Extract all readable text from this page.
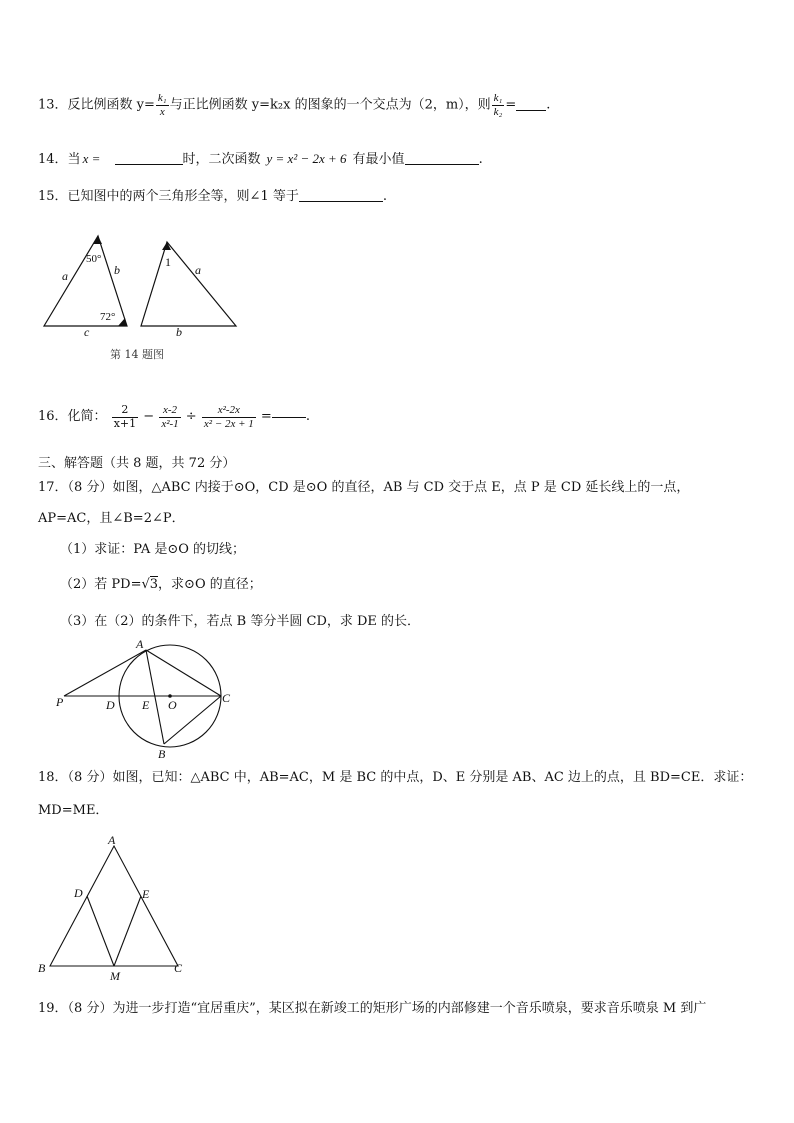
13．反比例函数 $y= \frac{\text{k₁}}{x}$ 与正比例函数 y=k₂x 的图象的一个交点为（2，m），则 $\frac{\text{k₁}}{\text{k₂}}$ = .
14．当 x =	时，二次函数 y = x² − 2x + 6 有最小值	.
15．已知图中的两个三角形全等，则∠1 等于	.
a	b
c
50°
72°
1
a
b
第 14 题图
16．化简： $\frac{2}{x+1} - \frac{x-2}{\text{x²-1}} \div \frac{\text{x²-2x}}{\text{x² − 2x + 1}}$ =	.
三、解答题（共 8 题，共 72 分）
17．（8 分）如图，△ABC 内接于⊙O，CD 是⊙O 的直径，AB 与 CD 交于点 E，点 P 是 CD 延长线上的一点，
AP=AC，且∠B=2∠P．
（1）求证：PA 是⊙O 的切线；
（2）若 PD=√3，求⊙O 的直径；
（3）在（2）的条件下，若点 B 等分半圆 CD，求 DE 的长．
A
B
C
D E O
P
18．（8 分）如图，已知：△ABC 中，AB=AC，M 是 BC 的中点，D、E 分别是 AB、AC 边上的点，且 BD=CE．求证：
MD=ME．
A
B	C
D	E
M
19．（8 分）为进一步打造“宜居重庆”，某区拟在新竣工的矩形广场的内部修建一个音乐喷泉，要求音乐喷泉 M 到广
